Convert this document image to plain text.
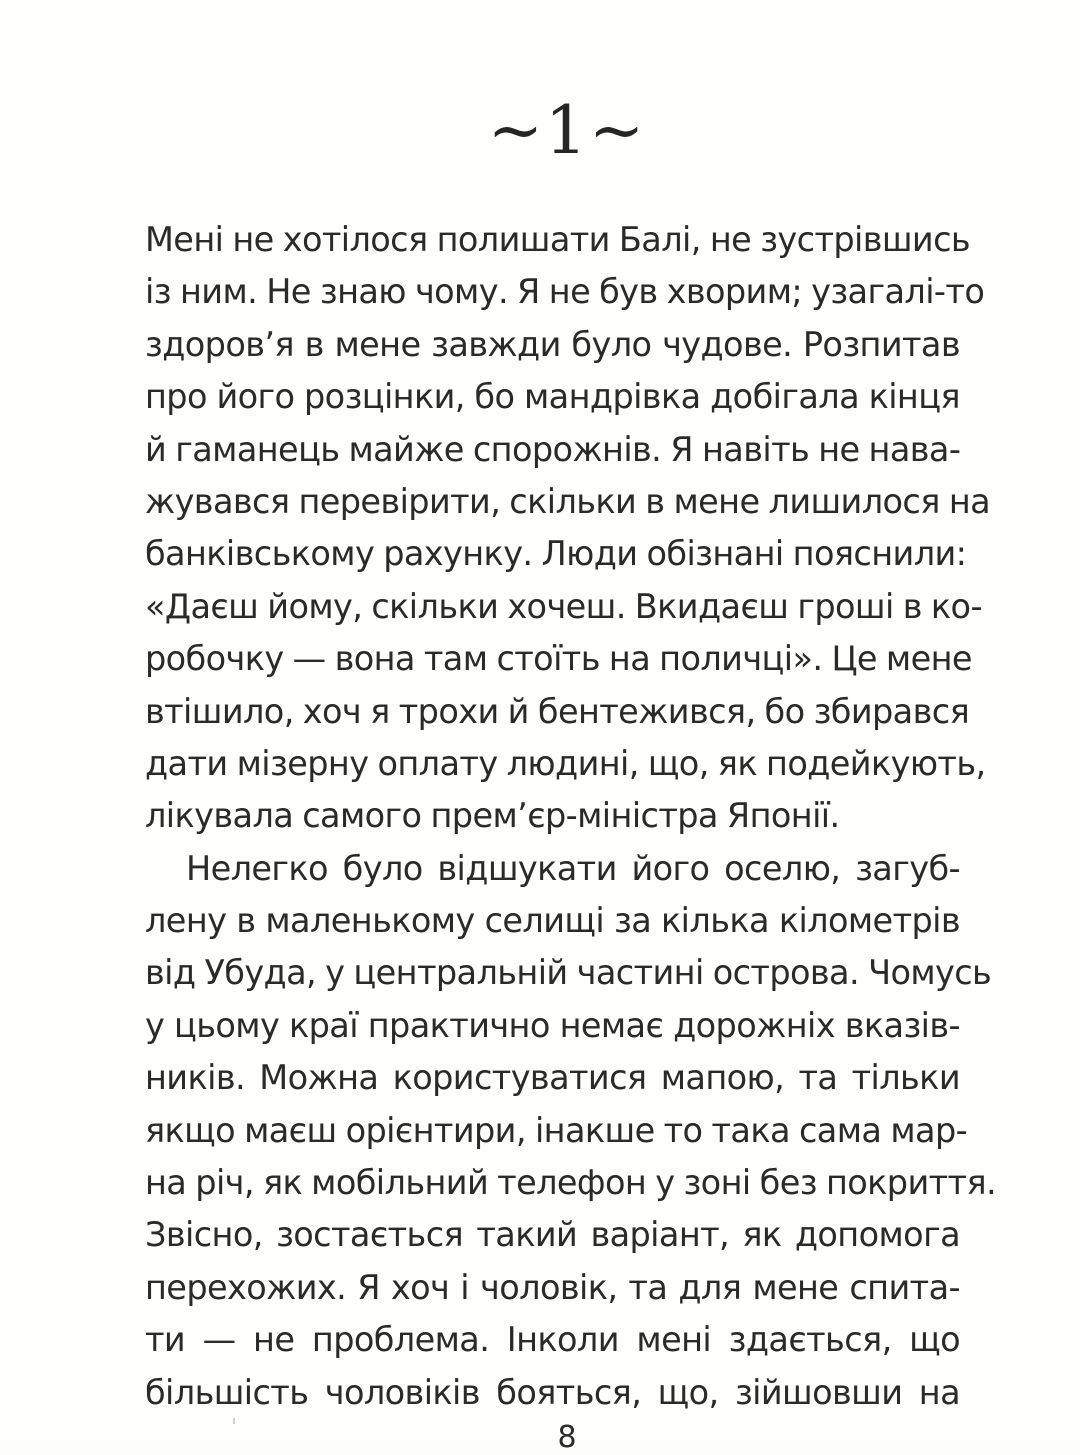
~1~
Мені не хотілося полишати Балі, не зустрівшись
із ним. Не знаю чому. Я не був хворим; узагалі-то
здоров’я в мене завжди було чудове. Розпитав
про його розцінки, бо мандрівка добігала кінця
й гаманець майже спорожнів. Я навіть не нава-
жувався перевірити, скільки в мене лишилося на
банківському рахунку. Люди обізнані пояснили:
«Даєш йому, скільки хочеш. Вкидаєш гроші в ко-
робочку — вона там стоїть на поличці». Це мене
втішило, хоч я трохи й бентежився, бо збирався
дати мізерну оплату людині, що, як подейкують,
лікувала самого прем’єр-міністра Японії.
Нелегко було відшукати його оселю, загуб-
лену в маленькому селищі за кілька кілометрів
від Убуда, у центральній частині острова. Чомусь
у цьому краї практично немає дорожніх вказів-
ників. Можна користуватися мапою, та тільки
якщо маєш орієнтири, інакше то така сама мар-
на річ, як мобільний телефон у зоні без покриття.
Звісно, зостається такий варіант, як допомога
перехожих. Я хоч і чоловік, та для мене спита-
ти — не проблема. Інколи мені здається, що
більшість чоловіків бояться, що, зійшовши на
8
